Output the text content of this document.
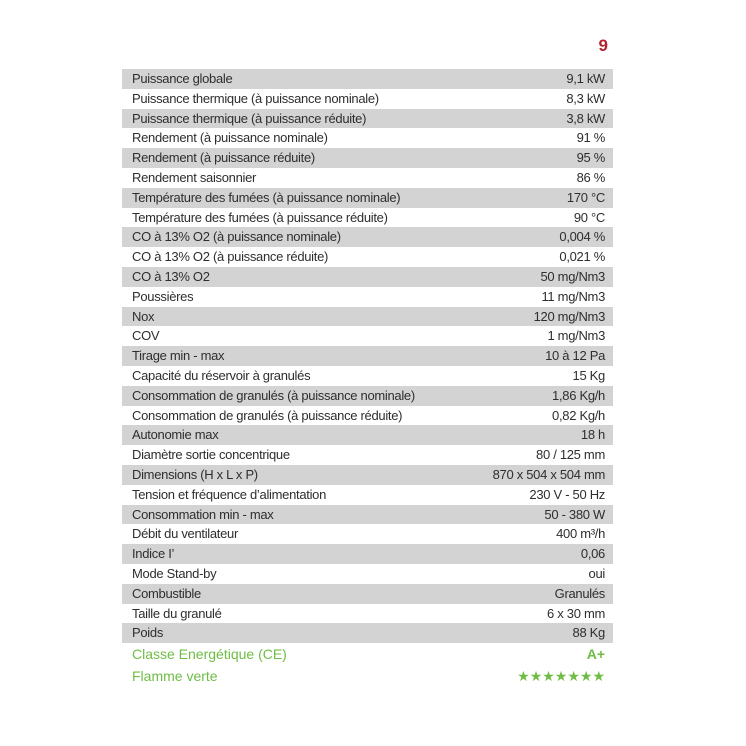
9
Puissance globale	9,1 kW
Puissance thermique (à puissance nominale)	8,3 kW
Puissance thermique (à puissance réduite)	3,8 kW
Rendement (à puissance nominale)	91 %
Rendement (à puissance réduite)	95 %
Rendement saisonnier	86 %
Température des fumées (à puissance nominale)	170 °C
Température des fumées (à puissance réduite)	90 °C
CO à 13% O2 (à puissance nominale)	0,004 %
CO à 13% O2 (à puissance réduite)	0,021 %
CO à 13% O2	50 mg/Nm3
Poussières	11 mg/Nm3
Nox	120 mg/Nm3
COV	1 mg/Nm3
Tirage min - max	10 à 12 Pa
Capacité du réservoir à granulés	15 Kg
Consommation de granulés (à puissance nominale)	1,86 Kg/h
Consommation de granulés (à puissance réduite)	0,82 Kg/h
Autonomie max	18 h
Diamètre sortie concentrique	80 / 125 mm
Dimensions (H x L x P)	870 x 504 x 504 mm
Tension et fréquence d’alimentation	230 V - 50 Hz
Consommation min - max	50 - 380 W
Débit du ventilateur	400 m³/h
Indice I’	0,06
Mode Stand-by	oui
Combustible	Granulés
Taille du granulé	6 x 30 mm
Poids	88 Kg
Classe Energétique (CE)	A+
Flamme verte	★★★★★★★
